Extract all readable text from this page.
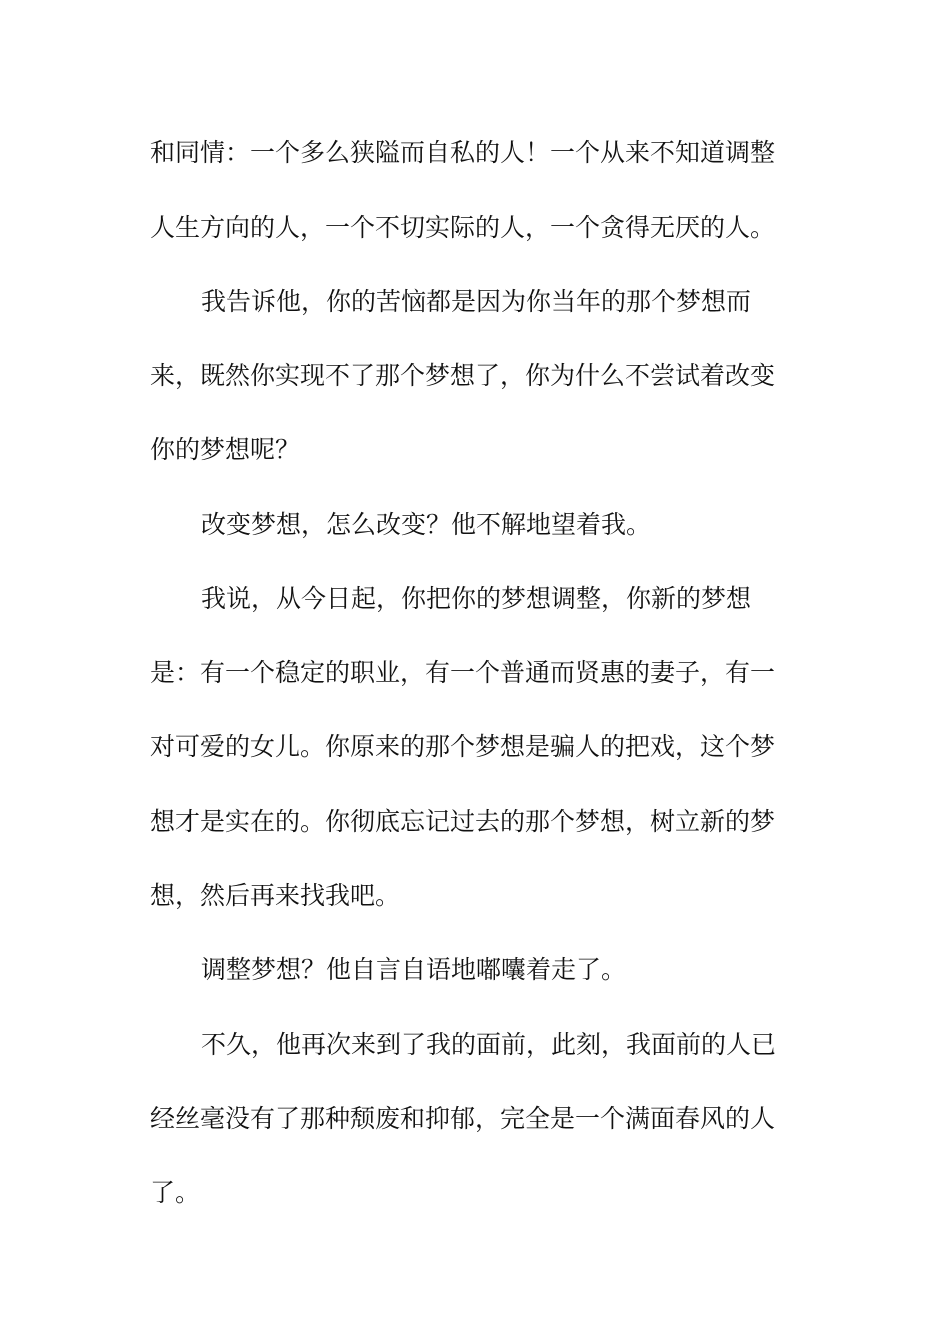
和同情：一个多么狭隘而自私的人！一个从来不知道调整
人生方向的人，一个不切实际的人，一个贪得无厌的人。
我告诉他，你的苦恼都是因为你当年的那个梦想而
来，既然你实现不了那个梦想了，你为什么不尝试着改变
你的梦想呢？
改变梦想，怎么改变？他不解地望着我。
我说，从今日起，你把你的梦想调整，你新的梦想
是：有一个稳定的职业，有一个普通而贤惠的妻子，有一
对可爱的女儿。你原来的那个梦想是骗人的把戏，这个梦
想才是实在的。你彻底忘记过去的那个梦想，树立新的梦
想，然后再来找我吧。
调整梦想？他自言自语地嘟囔着走了。
不久，他再次来到了我的面前，此刻，我面前的人已
经丝毫没有了那种颓废和抑郁，完全是一个满面春风的人
了。
